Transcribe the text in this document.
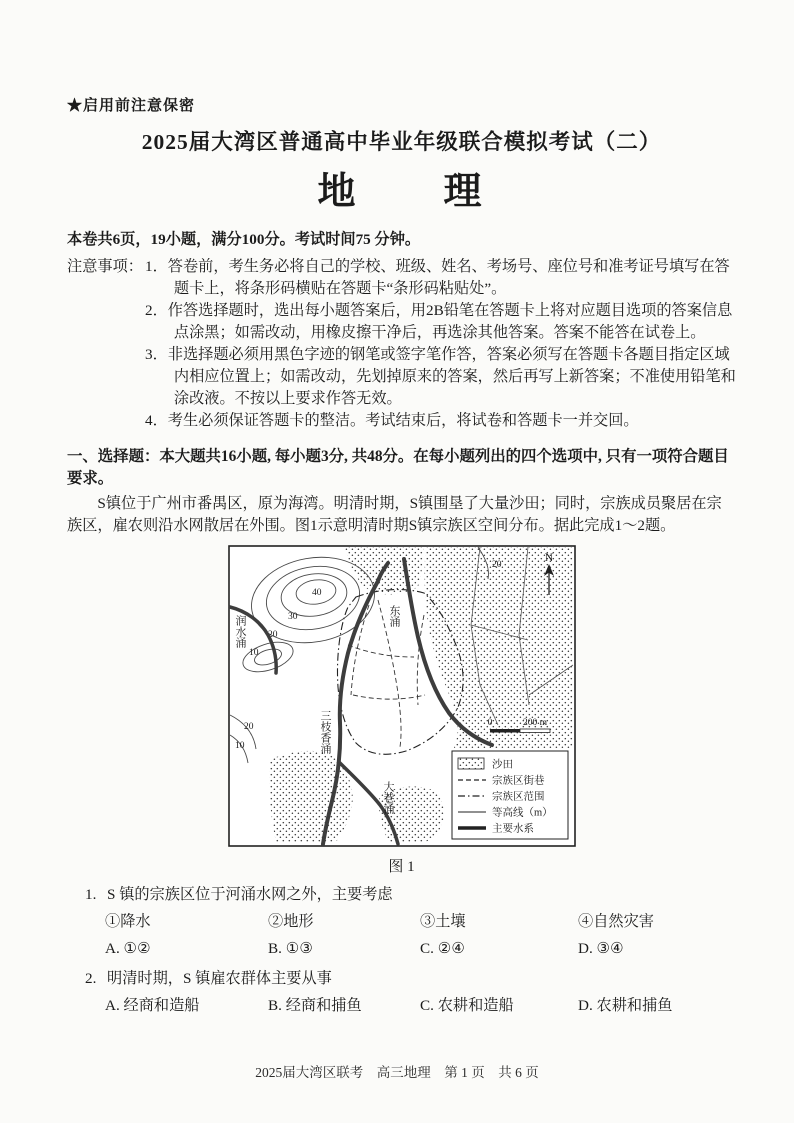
★启用前注意保密
2025届大湾区普通高中毕业年级联合模拟考试（二）
地　　理
本卷共6页，19小题，满分100分。考试时间75 分钟。
注意事项： 1．答卷前，考生务必将自己的学校、班级、姓名、考场号、座位号和准考证号填写在答题卡上，将条形码横贴在答题卡“条形码粘贴处”。

2．作答选择题时，选出每小题答案后，用2B铅笔在答题卡上将对应题目选项的答案信息点涂黑；如需改动，用橡皮擦干净后，再选涂其他答案。答案不能答在试卷上。

3．非选择题必须用黑色字迹的钢笔或签字笔作答，答案必须写在答题卡各题目指定区域内相应位置上；如需改动，先划掉原来的答案，然后再写上新答案；不准使用铅笔和涂改液。不按以上要求作答无效。

4．考生必须保证答题卡的整洁。考试结束后，将试卷和答题卡一并交回。

一、选择题：本大题共16小题, 每小题3分, 共48分。在每小题列出的四个选项中, 只有一项符合题目要求。

S镇位于广州市番禺区，原为海湾。明清时期，S镇围垦了大量沙田；同时，宗族成员聚居在宗族区，雇农则沿水网散居在外围。图1示意明清时期S镇宗族区空间分布。据此完成1～2题。

40
30
20
10
20
20
10
润水涌	东涌
三枝香涌
大巷涌
N
0	200 m
沙田
宗族区街巷
宗族区范围
等高线（m）
主要水系
图 1
1. S 镇的宗族区位于河涌水网之外，主要考虑
①降水	②地形	③土壤	④自然灾害
A. ①②	B. ①③	C. ②④	D. ③④
2. 明清时期，S 镇雇农群体主要从事
A. 经商和造船	B. 经商和捕鱼	C. 农耕和造船	D. 农耕和捕鱼
2025届大湾区联考　高三地理　第 1 页　共 6 页
